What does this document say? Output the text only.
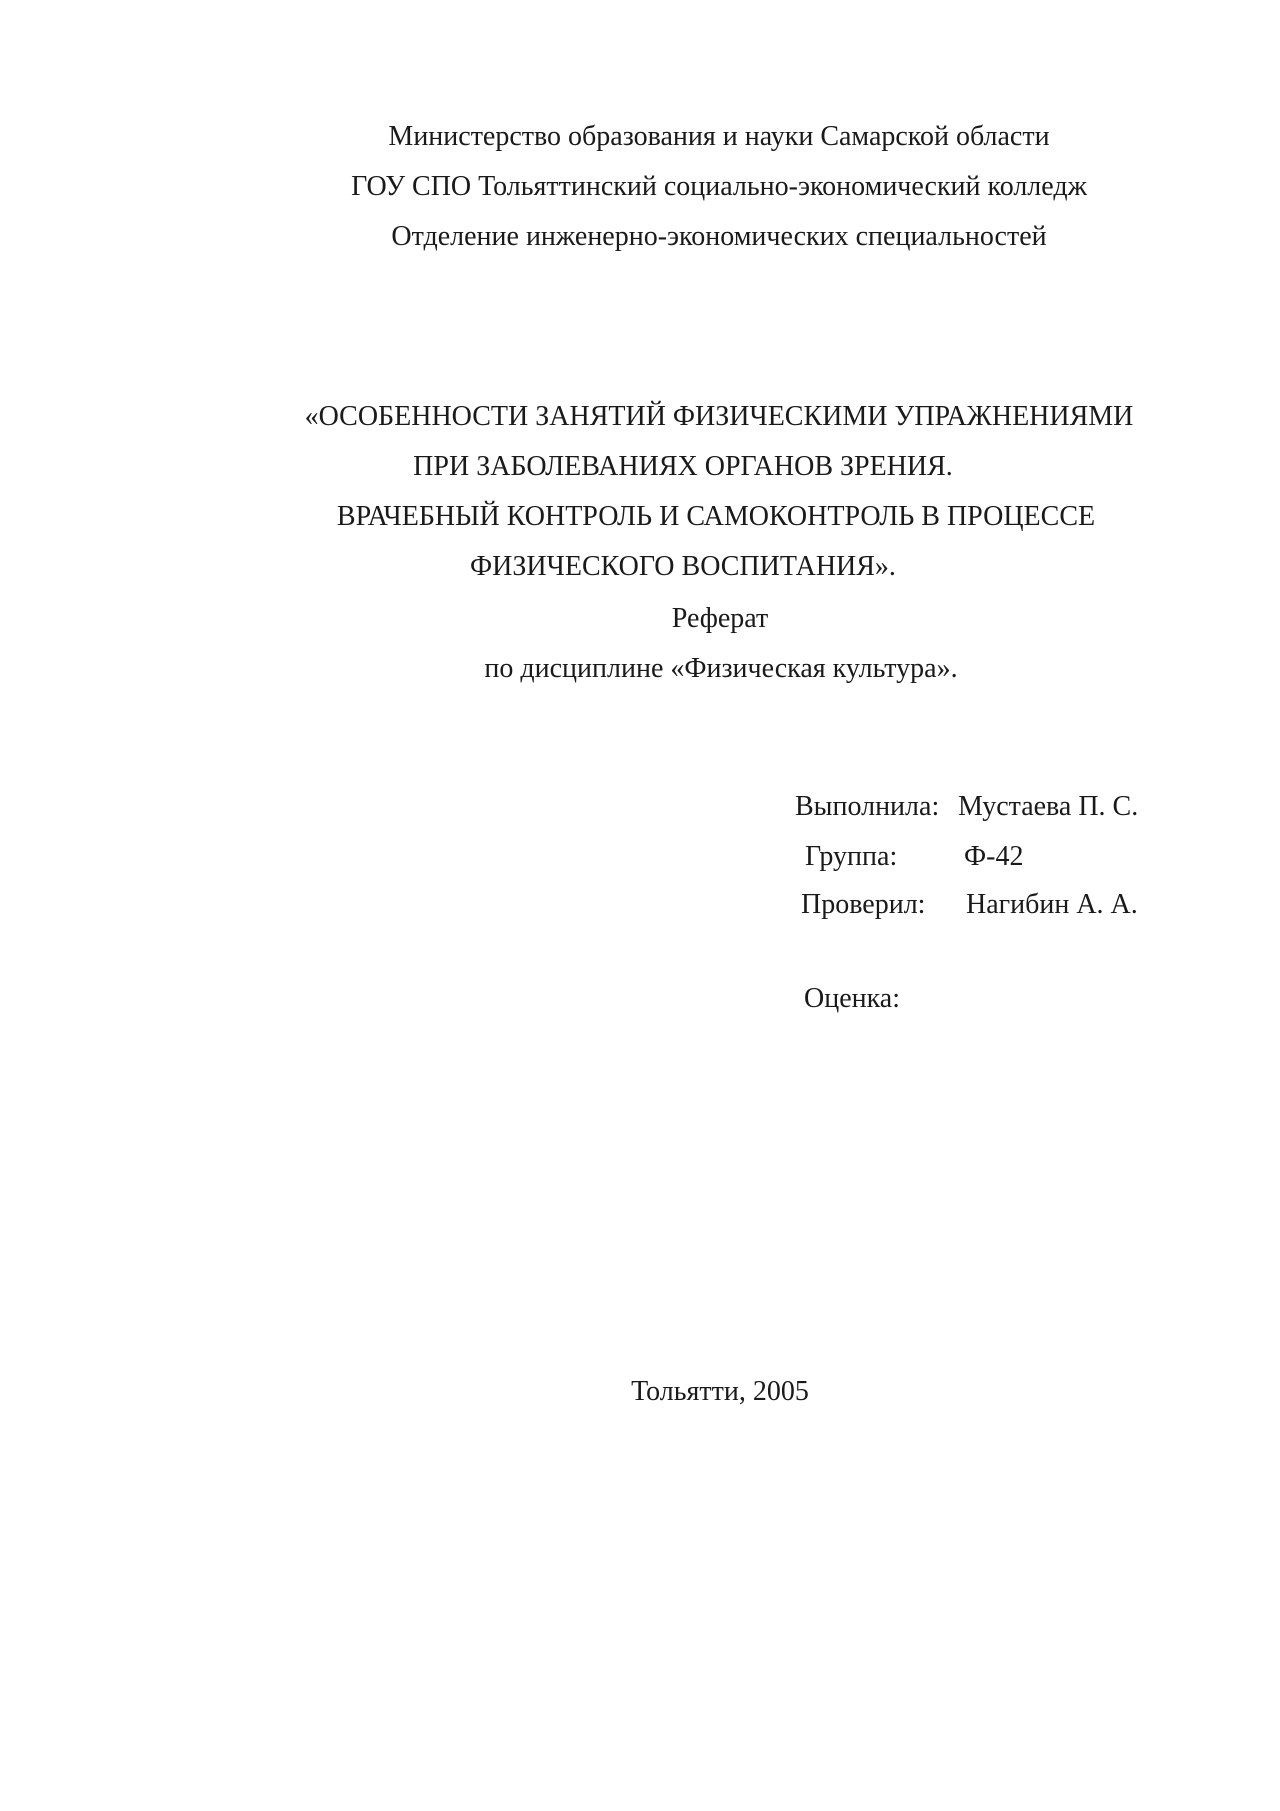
Министерство образования и науки Самарской области
ГОУ СПО Тольяттинский социально-экономический колледж
Отделение инженерно-экономических специальностей
«ОСОБЕННОСТИ ЗАНЯТИЙ ФИЗИЧЕСКИМИ УПРАЖНЕНИЯМИ
ПРИ ЗАБОЛЕВАНИЯХ ОРГАНОВ ЗРЕНИЯ.
ВРАЧЕБНЫЙ КОНТРОЛЬ И САМОКОНТРОЛЬ В ПРОЦЕССЕ
ФИЗИЧЕСКОГО ВОСПИТАНИЯ».
Реферат
по дисциплине «Физическая культура».
Выполнила: Мустаева П. С.
Группа: Ф-42
Проверил: Нагибин А. А.
Оценка:
Тольятти, 2005
